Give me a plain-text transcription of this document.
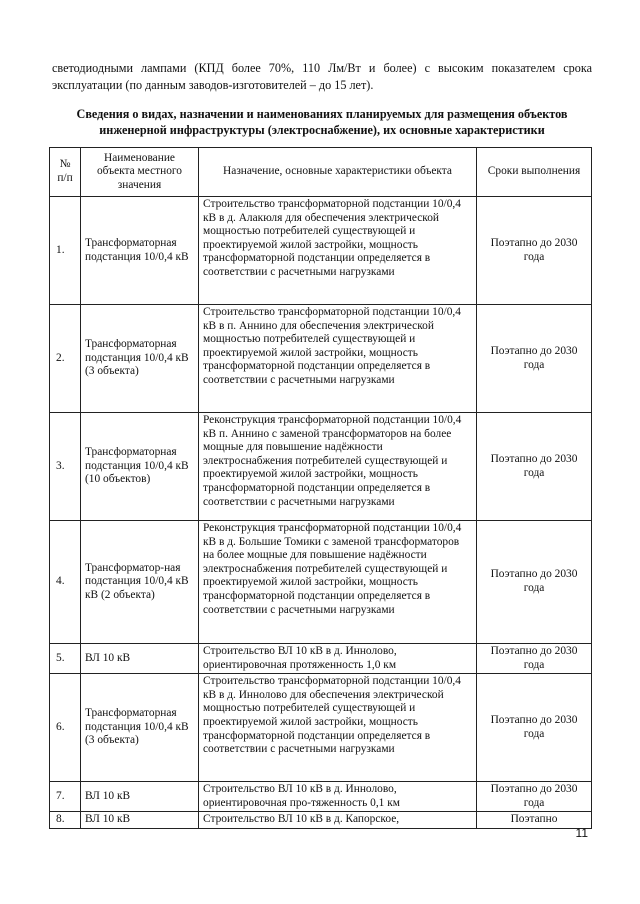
светодиодными лампами (КПД более 70%, 110 Лм/Вт и более) с высоким показателем срока эксплуатации (по данным заводов-изготовителей – до 15 лет).

Сведения о видах, назначении и наименованиях планируемых для размещения объектов инженерной инфраструктуры (электроснабжение), их основные характеристики

№ п/п	Наименование объекта местного значения	Назначение, основные характеристики объекта	Сроки выполнения
1.	Трансформаторная подстанция 10/0,4 кВ	Строительство трансформаторной подстанции 10/0,4 кВ в д. Алакюля для обеспечения электрической мощностью потребителей существующей и проектируемой жилой застройки, мощность трансформаторной подстанции определяется в соответствии с расчетными нагрузками	Поэтапно до 2030 года
2.	Трансформаторная подстанция 10/0,4 кВ (3 объекта)	Строительство трансформаторной подстанции 10/0,4 кВ в п. Аннино для обеспечения электрической мощностью потребителей существующей и проектируемой жилой застройки, мощность трансформаторной подстанции определяется в соответствии с расчетными нагрузками	Поэтапно до 2030 года
3.	Трансформаторная подстанция 10/0,4 кВ (10 объектов)	Реконструкция трансформаторной подстанции 10/0,4 кВ п. Аннино с заменой трансформаторов на более мощные для повышение надёжности электроснабжения потребителей существующей и проектируемой жилой застройки, мощность трансформаторной подстанции определяется в соответствии с расчетными нагрузками	Поэтапно до 2030 года
4.	Трансформатор-ная подстанция 10/0,4 кВ кВ (2 объекта)	Реконструкция трансформаторной подстанции 10/0,4 кВ в д. Большие Томики с заменой трансформаторов на более мощные для повышение надёжности электроснабжения потребителей существующей и проектируемой жилой застройки, мощность трансформаторной подстанции определяется в соответствии с расчетными нагрузками	Поэтапно до 2030 года
5.	ВЛ 10 кВ	Строительство ВЛ 10 кВ в д. Иннолово, ориентировочная протяженность 1,0 км	Поэтапно до 2030 года
6.	Трансформаторная подстанция 10/0,4 кВ (3 объекта)	Строительство трансформаторной подстанции 10/0,4 кВ в д. Иннолово для обеспечения электрической мощностью потребителей существующей и проектируемой жилой застройки, мощность трансформаторной подстанции определяется в соответствии с расчетными нагрузками	Поэтапно до 2030 года
7.	ВЛ 10 кВ	Строительство ВЛ 10 кВ в д. Иннолово, ориентировочная про-тяженность 0,1 км	Поэтапно до 2030 года
8.	ВЛ 10 кВ	Строительство ВЛ 10 кВ в д. Капорское,	Поэтапно
11
